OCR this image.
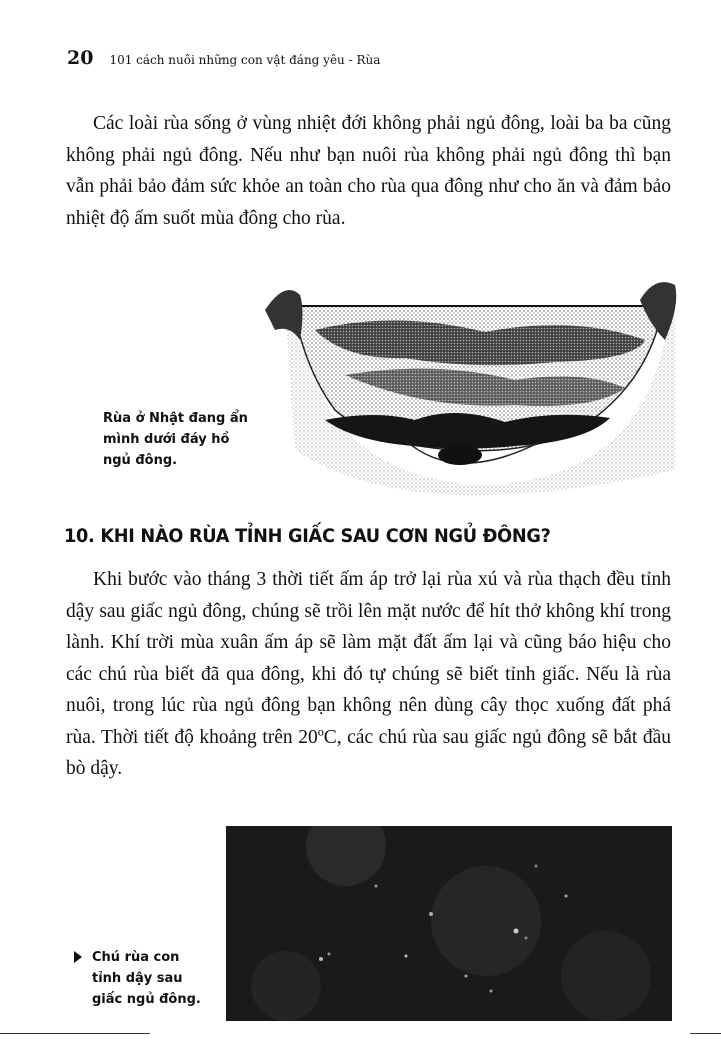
20 101 cách nuôi những con vật đáng yêu - Rùa

Các loài rùa sống ở vùng nhiệt đới không phải ngủ đông, loài ba ba cũng không phải ngủ đông. Nếu như bạn nuôi rùa không phải ngủ đông thì bạn vẫn phải bảo đảm sức khỏe an toàn cho rùa qua đông như cho ăn và đảm bảo nhiệt độ ấm suốt mùa đông cho rùa.

Rùa ở Nhật đang ẩn
mình dưới đáy hồ
ngủ đông.

10. KHI NÀO RÙA TỈNH GIẤC SAU CƠN NGỦ ĐÔNG?

Khi bước vào tháng 3 thời tiết ấm áp trở lại rùa xú và rùa thạch đều tỉnh dậy sau giấc ngủ đông, chúng sẽ trồi lên mặt nước để hít thở không khí trong lành. Khí trời mùa xuân ấm áp sẽ làm mặt đất ấm lại và cũng báo hiệu cho các chú rùa biết đã qua đông, khi đó tự chúng sẽ biết tỉnh giấc. Nếu là rùa nuôi, trong lúc rùa ngủ đông bạn không nên dùng cây thọc xuống đất phá rùa. Thời tiết độ khoảng trên 20ºC, các chú rùa sau giấc ngủ đông sẽ bắt đầu bò dậy.

Chú rùa con
tỉnh dậy sau
giấc ngủ đông.
